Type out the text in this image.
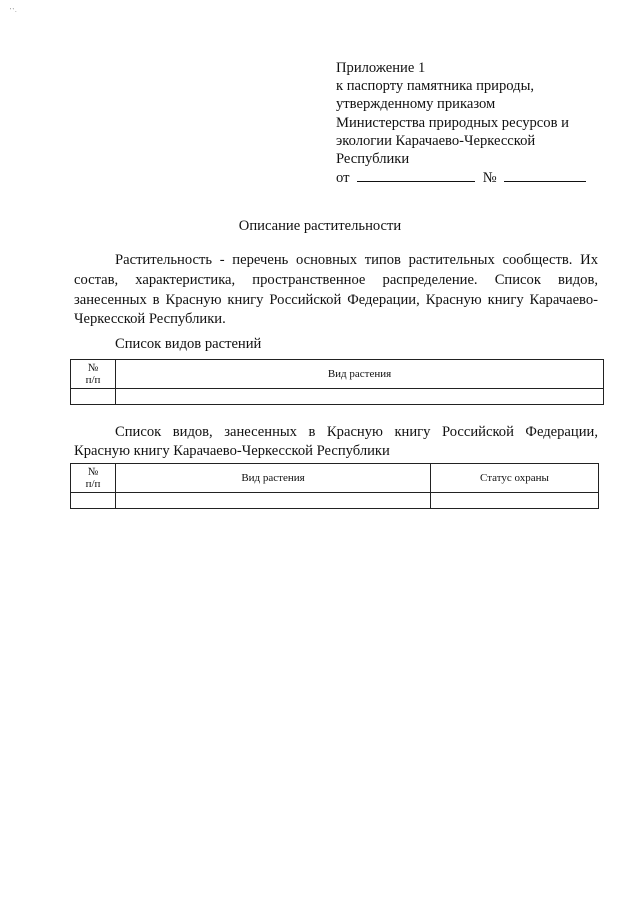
' ' .
Приложение 1
к паспорту памятника природы,
утвержденному приказом
Министерства природных ресурсов и
экологии Карачаево-Черкесской
Республики
от	№
Описание растительности

Растительность - перечень основных типов растительных сообществ. Их состав, характеристика, пространственное распределение. Список видов, занесенных в Красную книгу Российской Федерации, Красную книгу Карачаево-Черкесской Республики.

Список видов растений
№
п/п	Вид растения

Список видов, занесенных в Красную книгу Российской Федерации, Красную книгу Карачаево-Черкесской Республики

№
п/п	Вид растения	Статус охраны
